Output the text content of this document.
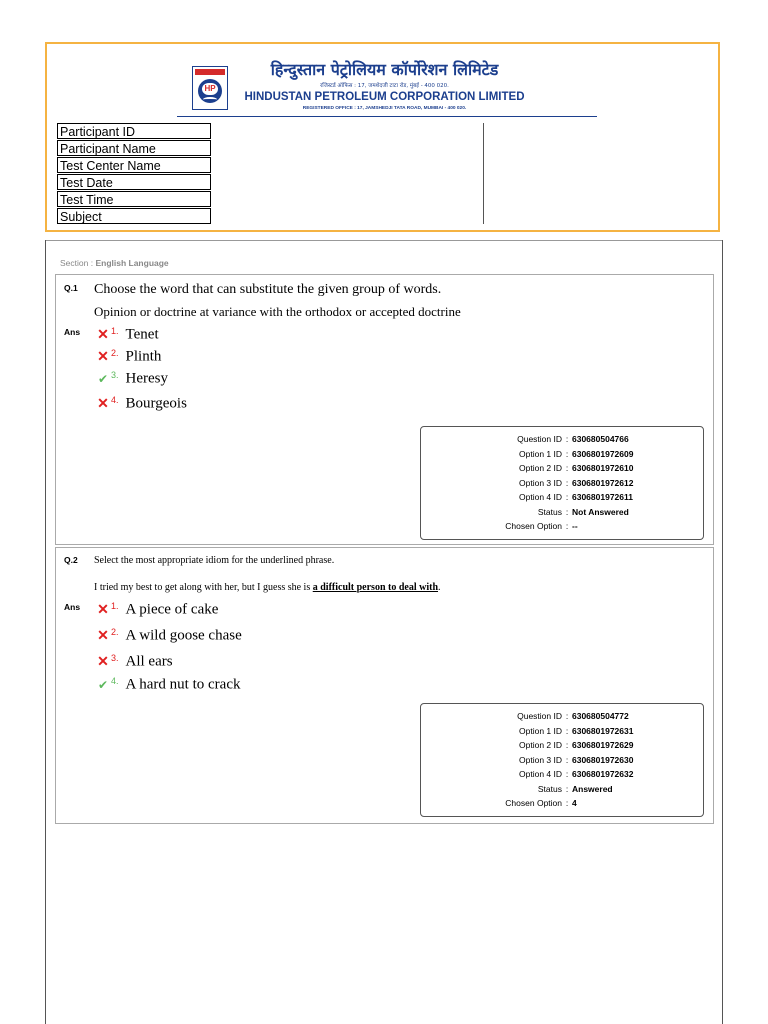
HP
हिन्दुस्तान पेट्रोलियम कॉर्पोरेशन लिमिटेड
रजिस्टर्ड ऑफिस : 17, जमशेदजी टाटा रोड, मुंबई - 400 020.
HINDUSTAN PETROLEUM CORPORATION LIMITED
REGISTERED OFFICE : 17, JAMSHEDJI TATA ROAD, MUMBAI - 400 020.
Participant ID
Participant Name
Test Center Name
Test Date
Test Time
Subject
Section : English Language
Q.1 Choose the word that can substitute the given group of words.
Opinion or doctrine at variance with the orthodox or accepted doctrine
Ans ✕ 1. Tenet
✕ 2. Plinth
✔ 3. Heresy
✕ 4. Bourgeois
Question ID : 630680504766
Option 1 ID : 6306801972609
Option 2 ID : 6306801972610
Option 3 ID : 6306801972612
Option 4 ID : 6306801972611
Status : Not Answered
Chosen Option : --
Q.2 Select the most appropriate idiom for the underlined phrase.
I tried my best to get along with her, but I guess she is a difficult person to deal with.
Ans ✕ 1. A piece of cake
✕ 2. A wild goose chase
✕ 3. All ears
✔ 4. A hard nut to crack
Question ID : 630680504772
Option 1 ID : 6306801972631
Option 2 ID : 6306801972629
Option 3 ID : 6306801972630
Option 4 ID : 6306801972632
Status : Answered
Chosen Option : 4
